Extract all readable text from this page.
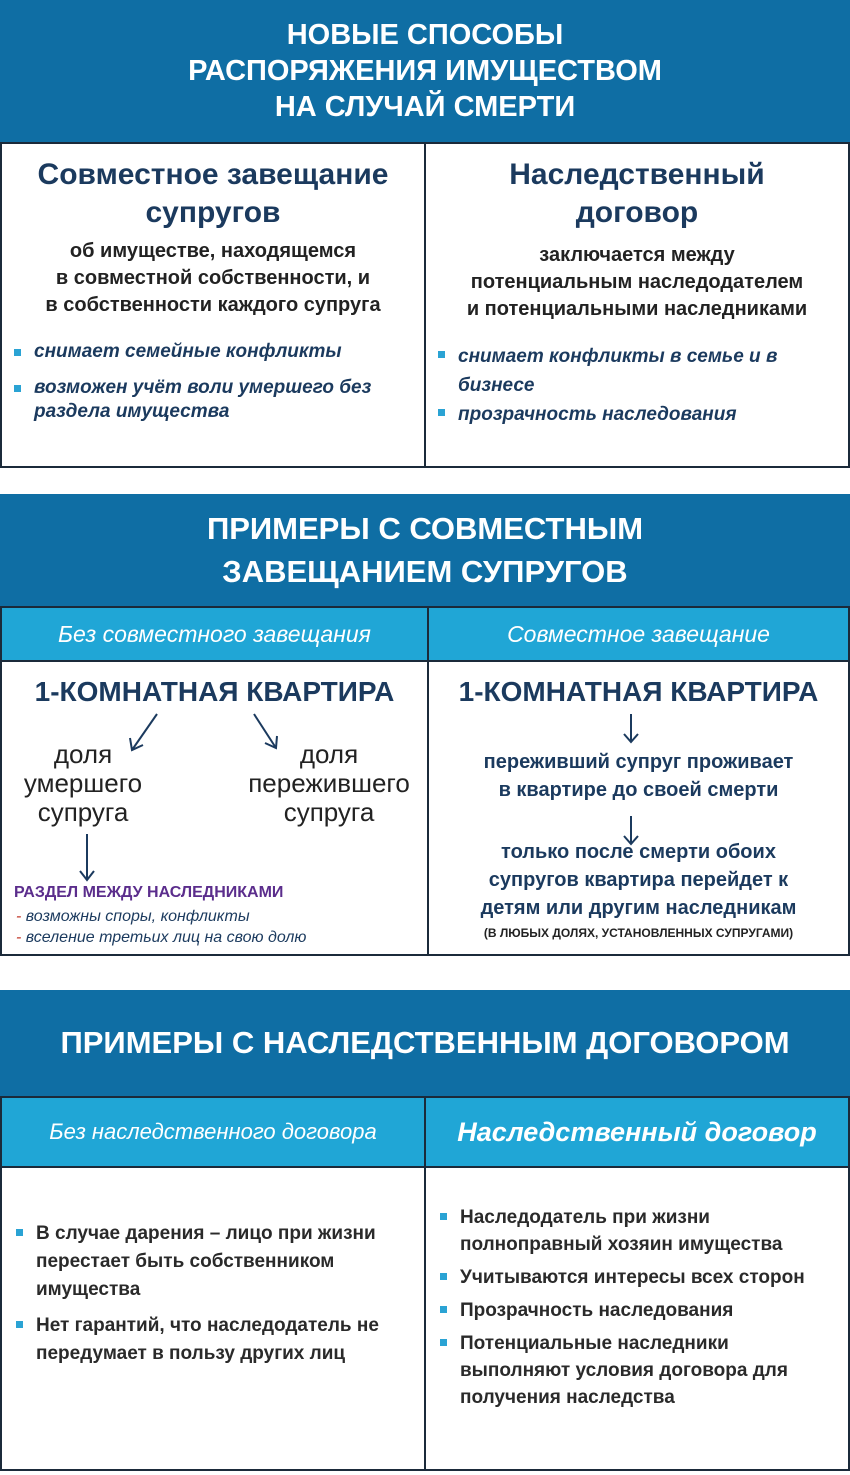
НОВЫЕ СПОСОБЫ
РАСПОРЯЖЕНИЯ ИМУЩЕСТВОМ
НА СЛУЧАЙ СМЕРТИ
Совместное завещание
супругов
об имуществе, находящемся
в совместной собственности, и
в собственности каждого супруга
снимает семейные конфликты
возможен учёт воли умершего без раздела имущества
Наследственный
договор
заключается между
потенциальным наследодателем
и потенциальными наследниками
снимает конфликты в семье и в бизнесе
прозрачность наследования
ПРИМЕРЫ С СОВМЕСТНЫМ
ЗАВЕЩАНИЕМ СУПРУГОВ
Без совместного завещания	Совместное завещание
1-КОМНАТНАЯ КВАРТИРА
доля
умершего
супруга
доля
пережившего
супруга
РАЗДЕЛ МЕЖДУ НАСЛЕДНИКАМИ
- возможны споры, конфликты
- вселение третьих лиц на свою долю
1-КОМНАТНАЯ КВАРТИРА
переживший супруг проживает
в квартире до своей смерти
только после смерти обоих
супругов квартира перейдет к
детям или другим наследникам
(В ЛЮБЫХ ДОЛЯХ, УСТАНОВЛЕННЫХ СУПРУГАМИ)
ПРИМЕРЫ С НАСЛЕДСТВЕННЫМ ДОГОВОРОМ
Без наследственного договора	Наследственный договор
В случае дарения – лицо при жизни перестает быть собственником имущества
Нет гарантий, что наследодатель не передумает в пользу других лиц
Наследодатель при жизни полноправный хозяин имущества
Учитываются интересы всех сторон
Прозрачность наследования
Потенциальные наследники выполняют условия договора для получения наследства
